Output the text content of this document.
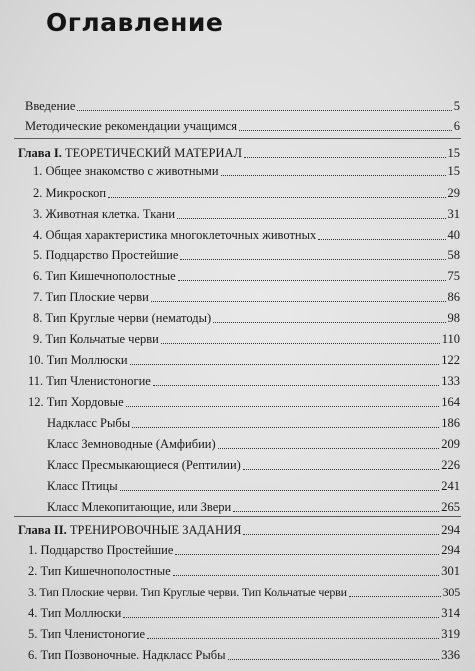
Оглавление
Введение	5
Методические рекомендации учащимся	6
Глава I. ТЕОРЕТИЧЕСКИЙ МАТЕРИАЛ	15
1. Общее знакомство с животными	15
2. Микроскоп	29
3. Животная клетка. Ткани	31
4. Общая характеристика многоклеточных животных	40
5. Подцарство Простейшие	58
6. Тип Кишечнополостные	75
7. Тип Плоские черви	86
8. Тип Круглые черви (нематоды)	98
9. Тип Кольчатые черви	110
10. Тип Моллюски	122
11. Тип Членистоногие	133
12. Тип Хордовые	164
Надкласс Рыбы	186
Класс Земноводные (Амфибии)	209
Класс Пресмыкающиеся (Рептилии)	226
Класс Птицы	241
Класс Млекопитающие, или Звери	265
Глава II. ТРЕНИРОВОЧНЫЕ ЗАДАНИЯ	294
1. Подцарство Простейшие	294
2. Тип Кишечнополостные	301
3. Тип Плоские черви. Тип Круглые черви. Тип Кольчатые черви	305
4. Тип Моллюски	314
5. Тип Членистоногие	319
6. Тип Позвоночные. Надкласс Рыбы	336
